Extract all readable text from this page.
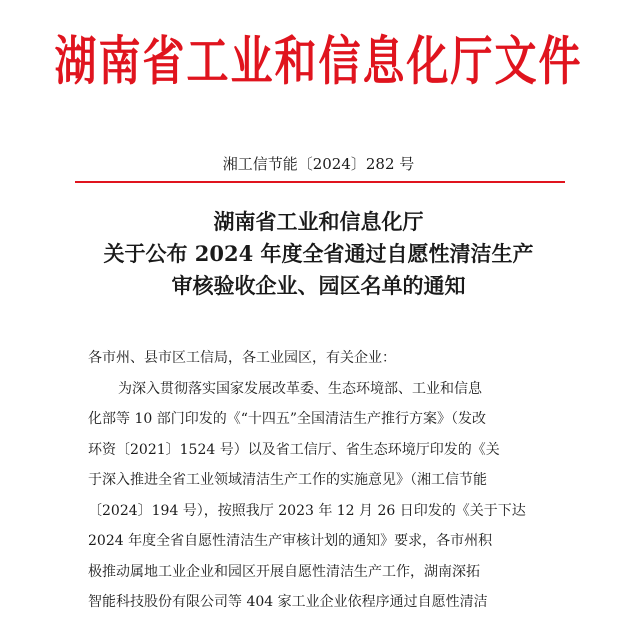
湖南省工业和信息化厅文件
湘工信节能〔2024〕282 号
湖南省工业和信息化厅
关于公布 2024 年度全省通过自愿性清洁生产
审核验收企业、园区名单的通知
各市州、县市区工信局，各工业园区，有关企业：
为深入贯彻落实国家发展改革委、生态环境部、工业和信息
化部等 10 部门印发的《“十四五”全国清洁生产推行方案》（发改
环资〔2021〕1524 号）以及省工信厅、省生态环境厅印发的《关
于深入推进全省工业领域清洁生产工作的实施意见》（湘工信节能
〔2024〕194 号），按照我厅 2023 年 12 月 26 日印发的《关于下达
2024 年度全省自愿性清洁生产审核计划的通知》要求，各市州积
极推动属地工业企业和园区开展自愿性清洁生产工作，湖南深拓
智能科技股份有限公司等 404 家工业企业依程序通过自愿性清洁
